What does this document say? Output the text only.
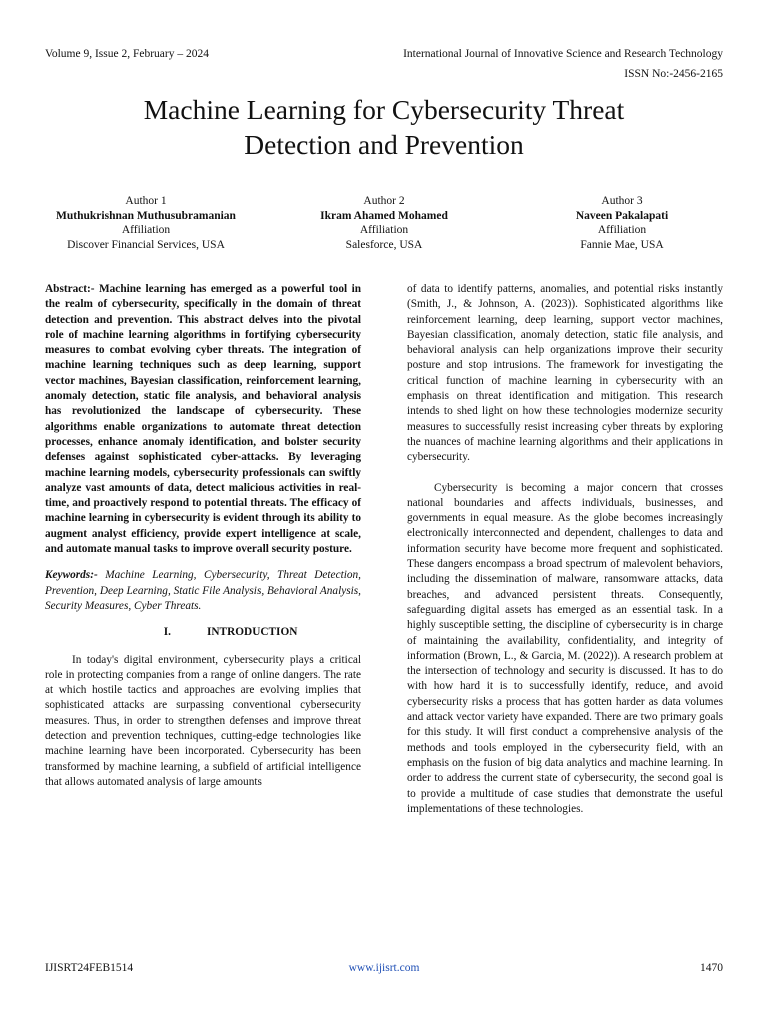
Volume 9, Issue 2, February – 2024	International Journal of Innovative Science and Research Technology
ISSN No:-2456-2165
Machine Learning for Cybersecurity Threat
Detection and Prevention
Author 1
Muthukrishnan Muthusubramanian
Affiliation
Discover Financial Services, USA
Author 2
Ikram Ahamed Mohamed
Affiliation
Salesforce, USA
Author 3
Naveen Pakalapati
Affiliation
Fannie Mae, USA

Abstract:- Machine learning has emerged as a powerful tool in the realm of cybersecurity, specifically in the domain of threat detection and prevention. This abstract delves into the pivotal role of machine learning algorithms in fortifying cybersecurity measures to combat evolving cyber threats. The integration of machine learning techniques such as deep learning, support vector machines, Bayesian classification, reinforcement learning, anomaly detection, static file analysis, and behavioral analysis has revolutionized the landscape of cybersecurity. These algorithms enable organizations to automate threat detection processes, enhance anomaly identification, and bolster security defenses against sophisticated cyber-attacks. By leveraging machine learning models, cybersecurity professionals can swiftly analyze vast amounts of data, detect malicious activities in real-time, and proactively respond to potential threats. The efficacy of machine learning in cybersecurity is evident through its ability to augment analyst efficiency, provide expert intelligence at scale, and automate manual tasks to improve overall security posture.

Keywords:- Machine Learning, Cybersecurity, Threat Detection, Prevention, Deep Learning, Static File Analysis, Behavioral Analysis, Security Measures, Cyber Threats.

I.	INTRODUCTION

In today's digital environment, cybersecurity plays a critical role in protecting companies from a range of online dangers. The rate at which hostile tactics and approaches are evolving implies that sophisticated attacks are surpassing conventional cybersecurity measures. Thus, in order to strengthen defenses and improve threat detection and prevention techniques, cutting-edge technologies like machine learning have been incorporated. Cybersecurity has been transformed by machine learning, a subfield of artificial intelligence that allows automated analysis of large amounts

of data to identify patterns, anomalies, and potential risks instantly (Smith, J., & Johnson, A. (2023)). Sophisticated algorithms like reinforcement learning, deep learning, support vector machines, Bayesian classification, anomaly detection, static file analysis, and behavioral analysis can help organizations improve their security posture and stop intrusions. The framework for investigating the critical function of machine learning in cybersecurity with an emphasis on threat identification and mitigation. This research intends to shed light on how these technologies modernize security measures to successfully resist increasing cyber threats by exploring the nuances of machine learning algorithms and their applications in cybersecurity.

Cybersecurity is becoming a major concern that crosses national boundaries and affects individuals, businesses, and governments in equal measure. As the globe becomes increasingly electronically interconnected and dependent, challenges to data and information security have become more frequent and sophisticated. These dangers encompass a broad spectrum of malevolent behaviors, including the dissemination of malware, ransomware attacks, data breaches, and advanced persistent threats. Consequently, safeguarding digital assets has emerged as an essential task. In a highly susceptible setting, the discipline of cybersecurity is in charge of maintaining the availability, confidentiality, and integrity of information (Brown, L., & Garcia, M. (2022)). A research problem at the intersection of technology and security is discussed. It has to do with how hard it is to successfully identify, reduce, and avoid cybersecurity risks a process that has gotten harder as data volumes and attack vector variety have expanded. There are two primary goals for this study. It will first conduct a comprehensive analysis of the methods and tools employed in the cybersecurity field, with an emphasis on the fusion of big data analytics and machine learning. In order to address the current state of cybersecurity, the second goal is to provide a multitude of case studies that demonstrate the useful implementations of these technologies.

IJISRT24FEB1514	www.ijisrt.com	1470
